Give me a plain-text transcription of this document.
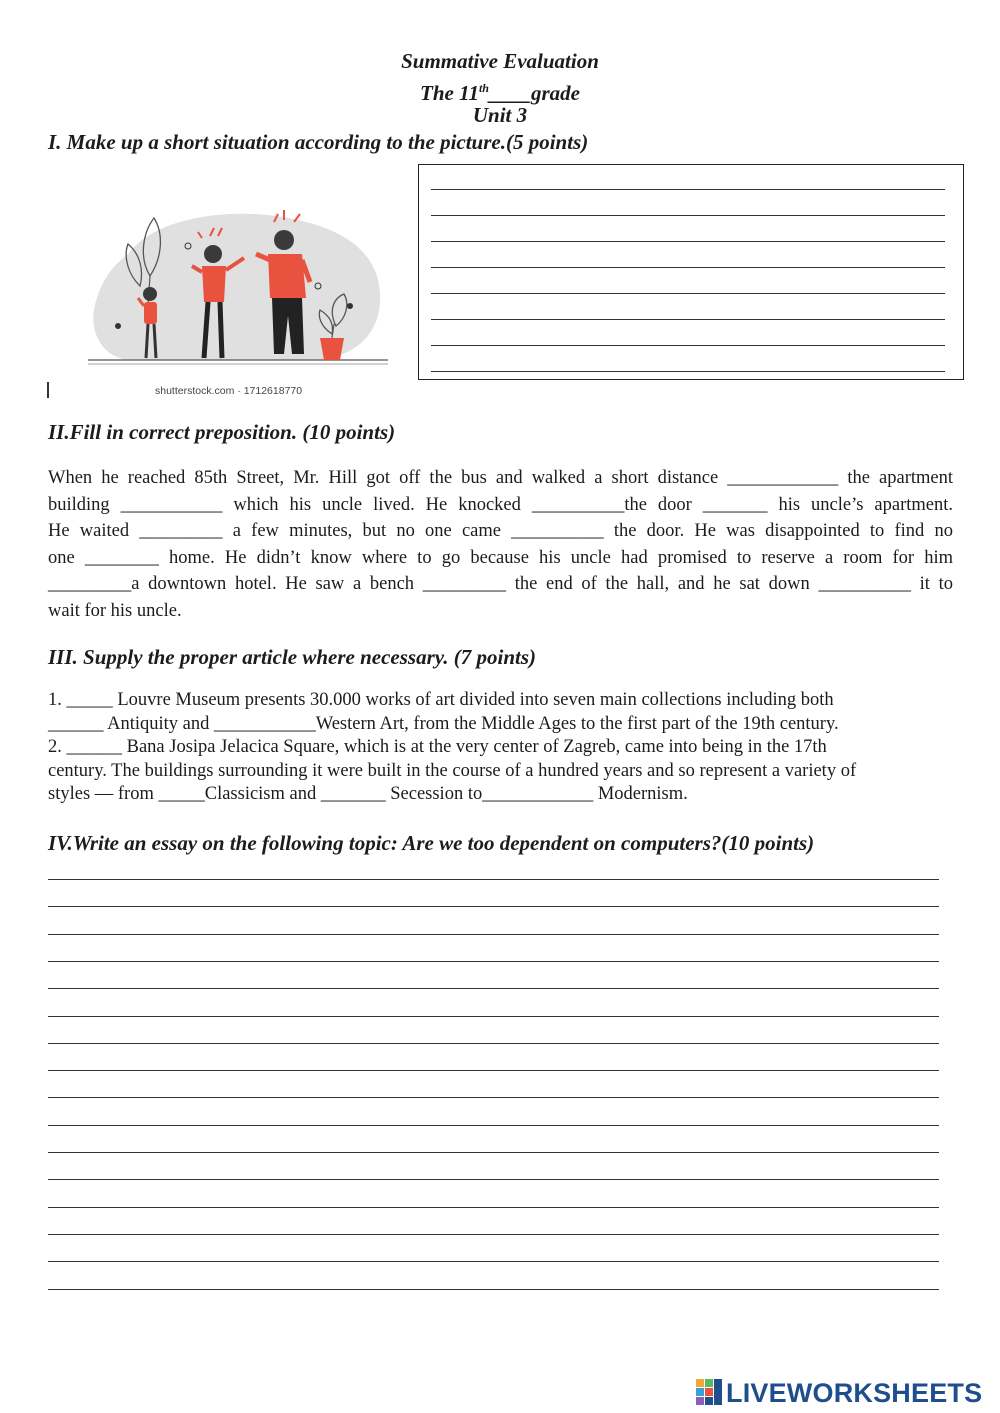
Summative Evaluation
The 11th____grade
Unit 3
I. Make up a short situation according to the picture.(5 points)
shutterstock.com · 1712618770
II.Fill in correct preposition. (10 points)

When he reached 85th Street, Mr. Hill got off the bus and walked a short distance ____________ the apartment

building ___________ which his uncle lived. He knocked __________the door _______ his uncle’s apartment.

He waited _________ a few minutes, but no one came __________ the door. He was disappointed to find no

one ________ home. He didn’t know where to go because his uncle had promised to reserve a room for him

_________a downtown hotel. He saw a bench _________ the end of the hall, and he sat down __________ it to

wait for his uncle.

III. Supply the proper article where necessary. (7 points)

1. _____ Louvre Museum presents 30.000 works of art divided into seven main collections including both

______ Antiquity and ___________Western Art, from the Middle Ages to the first part of the 19th century.

2. ______ Bana Josipa Jelacica Square, which is at the very center of Zagreb, came into being in the 17th

century. The buildings surrounding it were built in the course of a hundred years and so represent a variety of

styles — from _____Classicism and _______ Secession to____________ Modernism.

IV.Write an essay on the following topic: Are we too dependent on computers?(10 points)
LIVEWORKSHEETS
